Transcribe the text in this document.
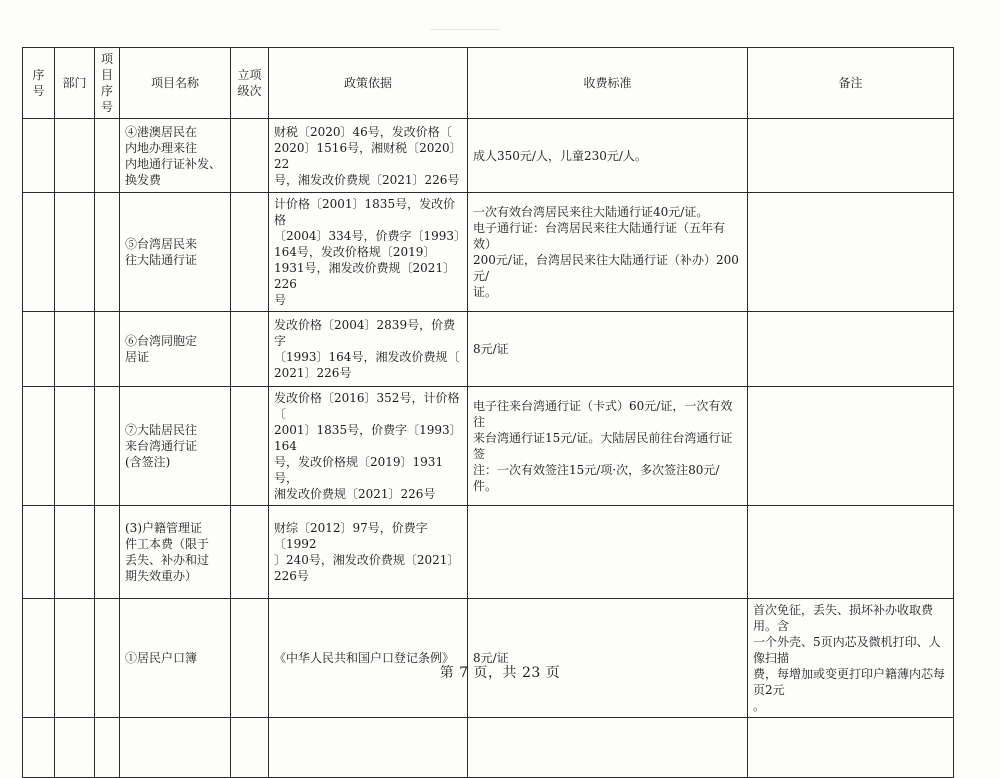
序号	部门	项目序号	项目名称	立项级次	政策依据	收费标准	备注

			④港澳居民在
内地办理来往
内地通行证补发、
换发费		财税〔2020〕46号，发改价格〔
2020〕1516号，湘财税〔2020〕22
号，湘发改价费规〔2021〕226号	成人350元/人，儿童230元/人。	

			⑤台湾居民来
往大陆通行证		计价格〔2001〕1835号，发改价格
〔2004〕334号，价费字〔1993〕
164号，发改价格规〔2019〕
1931号，湘发改价费规〔2021〕226
号	一次有效台湾居民来往大陆通行证40元/证。
电子通行证：台湾居民来往大陆通行证（五年有效）
200元/证，台湾居民来往大陆通行证（补办）200元/
证。	

			⑥台湾同胞定
居证		发改价格〔2004〕2839号，价费字
〔1993〕164号，湘发改价费规〔
2021〕226号	8元/证	

			⑦大陆居民往
来台湾通行证
(含签注)		发改价格〔2016〕352号，计价格〔
2001〕1835号，价费字〔1993〕164
号，发改价格规〔2019〕1931号，
湘发改价费规〔2021〕226号	电子往来台湾通行证（卡式）60元/证，一次有效往
来台湾通行证15元/证。大陆居民前往台湾通行证签
注：一次有效签注15元/项·次，多次签注80元/件。	

			(3)户籍管理证
件工本费（限于
丢失、补办和过
期失效重办）		财综〔2012〕97号，价费字〔1992
〕240号，湘发改价费规〔2021〕
226号		

			①居民户口簿		《中华人民共和国户口登记条例》	8元/证	首次免征，丢失、损坏补办收取费用。含
一个外壳、5页内芯及微机打印、人像扫描
费，每增加或变更打印户籍薄内芯每页2元
。

第 7 页，共 23 页
